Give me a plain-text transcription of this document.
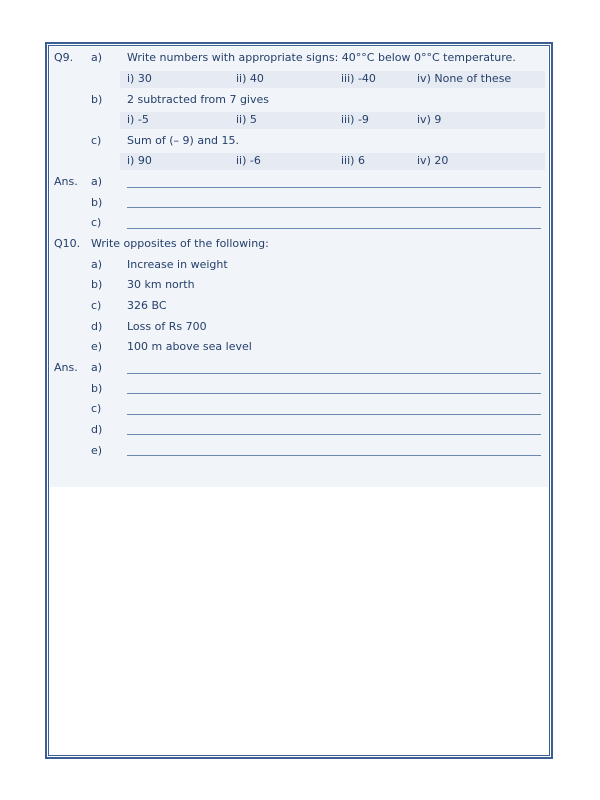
Q9. a) Write numbers with appropriate signs: 40°°C below 0°°C temperature.
i) 30	ii) 40	iii) -40	iv) None of these
b) 2 subtracted from 7 gives
i) -5	ii) 5	iii) -9	iv) 9
c) Sum of (– 9) and 15.
i) 90	ii) -6	iii) 6	iv) 20
Ans. a)
b)
c)
Q10. Write opposites of the following:
a) Increase in weight
b) 30 km north
c) 326 BC
d) Loss of Rs 700
e) 100 m above sea level
Ans. a)
b)
c)
d)
e)
